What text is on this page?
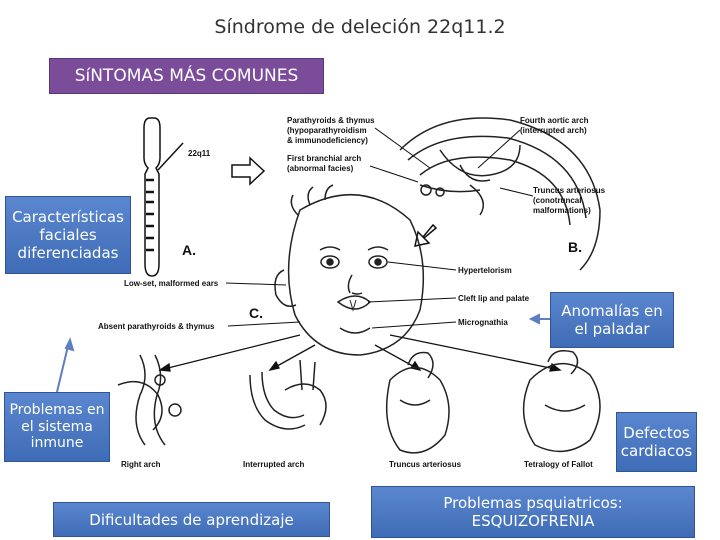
Síndrome de deleción 22q11.2
22q11
A.	B.
C.
Parathyroids & thymus
(hypoparathyroidism
& immunodeficiency)
First branchial arch
(abnormal facies)
Fourth aortic arch
(interrupted arch)
Truncus arteriosus
(conotruncal
malformations)
Hypertelorism
Low-set, malformed ears
Cleft lip and palate
Absent parathyroids & thymus	Micrognathia
Right arch	Interrupted arch	Truncus arteriosus	Tetralogy of Fallot
SíNTOMAS MÁS COMUNES
Características faciales diferenciadas
Problemas en el sistema inmune
Dificultades de aprendizaje
Problemas psquiatricos: ESQUIZOFRENIA
Anomalías en el paladar
Defectos cardiacos
